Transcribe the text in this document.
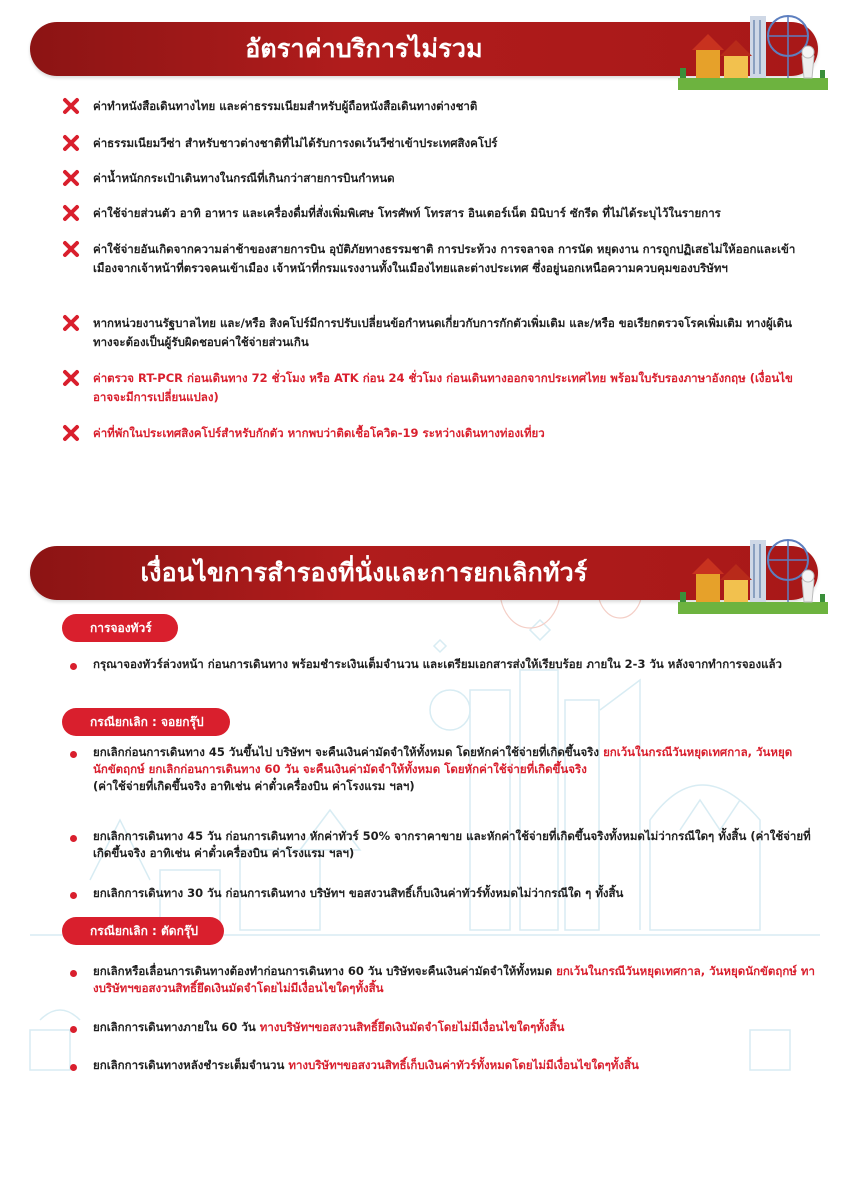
อัตราค่าบริการไม่รวม
ค่าทำหนังสือเดินทางไทย และค่าธรรมเนียมสำหรับผู้ถือหนังสือเดินทางต่างชาติ
ค่าธรรมเนียมวีซ่า สำหรับชาวต่างชาติที่ไม่ได้รับการงดเว้นวีซ่าเข้าประเทศสิงคโปร์
ค่าน้ำหนักกระเป๋าเดินทางในกรณีที่เกินกว่าสายการบินกำหนด
ค่าใช้จ่ายส่วนตัว อาทิ อาหาร และเครื่องดื่มที่สั่งเพิ่มพิเศษ โทรศัพท์ โทรสาร อินเตอร์เน็ต มินิบาร์ ซักรีด ที่ไม่ได้ระบุไว้ในรายการ
ค่าใช้จ่ายอันเกิดจากความล่าช้าของสายการบิน อุบัติภัยทางธรรมชาติ การประท้วง การจลาจล การนัด หยุดงาน การถูกปฏิเสธไม่ให้ออกและเข้าเมืองจากเจ้าหน้าที่ตรวจคนเข้าเมือง เจ้าหน้าที่กรมแรงงานทั้งในเมืองไทยและต่างประเทศ ซึ่งอยู่นอกเหนือความควบคุมของบริษัทฯ
หากหน่วยงานรัฐบาลไทย และ/หรือ สิงคโปร์มีการปรับเปลี่ยนข้อกำหนดเกี่ยวกับการกักตัวเพิ่มเติม และ/หรือ ขอเรียกตรวจโรคเพิ่มเติม ทางผู้เดินทางจะต้องเป็นผู้รับผิดชอบค่าใช้จ่ายส่วนเกิน
ค่าตรวจ RT-PCR ก่อนเดินทาง 72 ชั่วโมง หรือ ATK ก่อน 24 ชั่วโมง ก่อนเดินทางออกจากประเทศไทย พร้อมใบรับรองภาษาอังกฤษ (เงื่อนไขอาจจะมีการเปลี่ยนแปลง)
ค่าที่พักในประเทศสิงคโปร์สำหรับกักตัว หากพบว่าติดเชื้อโควิด-19 ระหว่างเดินทางท่องเที่ยว
เงื่อนไขการสำรองที่นั่งและการยกเลิกทัวร์
การจองทัวร์
กรุณาจองทัวร์ล่วงหน้า ก่อนการเดินทาง พร้อมชำระเงินเต็มจำนวน และเตรียมเอกสารส่งให้เรียบร้อย ภายใน 2-3 วัน หลังจากทำการจองแล้ว
กรณียกเลิก : จอยกรุ๊ป
ยกเลิกก่อนการเดินทาง 45 วันขึ้นไป บริษัทฯ จะคืนเงินค่ามัดจำให้ทั้งหมด โดยหักค่าใช้จ่ายที่เกิดขึ้นจริง ยกเว้นในกรณีวันหยุดเทศกาล, วันหยุดนักขัตฤกษ์ ยกเลิกก่อนการเดินทาง 60 วัน จะคืนเงินค่ามัดจำให้ทั้งหมด โดยหักค่าใช้จ่ายที่เกิดขึ้นจริง
(ค่าใช้จ่ายที่เกิดขึ้นจริง อาทิเช่น ค่าตั๋วเครื่องบิน ค่าโรงแรม ฯลฯ)
ยกเลิกการเดินทาง 45 วัน ก่อนการเดินทาง หักค่าทัวร์ 50% จากราคาขาย และหักค่าใช้จ่ายที่เกิดขึ้นจริงทั้งหมดไม่ว่ากรณีใดๆ ทั้งสิ้น (ค่าใช้จ่ายที่เกิดขึ้นจริง อาทิเช่น ค่าตั๋วเครื่องบิน ค่าโรงแรม ฯลฯ)
ยกเลิกการเดินทาง 30 วัน ก่อนการเดินทาง บริษัทฯ ขอสงวนสิทธิ์เก็บเงินค่าทัวร์ทั้งหมดไม่ว่ากรณีใด ๆ ทั้งสิ้น
กรณียกเลิก : ตัดกรุ๊ป
ยกเลิกหรือเลื่อนการเดินทางต้องทำก่อนการเดินทาง 60 วัน บริษัทจะคืนเงินค่ามัดจำให้ทั้งหมด ยกเว้นในกรณีวันหยุดเทศกาล, วันหยุดนักขัตฤกษ์ ทางบริษัทฯขอสงวนสิทธิ์ยึดเงินมัดจำโดยไม่มีเงื่อนไขใดๆทั้งสิ้น
ยกเลิกการเดินทางภายใน 60 วัน ทางบริษัทฯขอสงวนสิทธิ์ยึดเงินมัดจำโดยไม่มีเงื่อนไขใดๆทั้งสิ้น
ยกเลิกการเดินทางหลังชำระเต็มจำนวน ทางบริษัทฯขอสงวนสิทธิ์เก็บเงินค่าทัวร์ทั้งหมดโดยไม่มีเงื่อนไขใดๆทั้งสิ้น
